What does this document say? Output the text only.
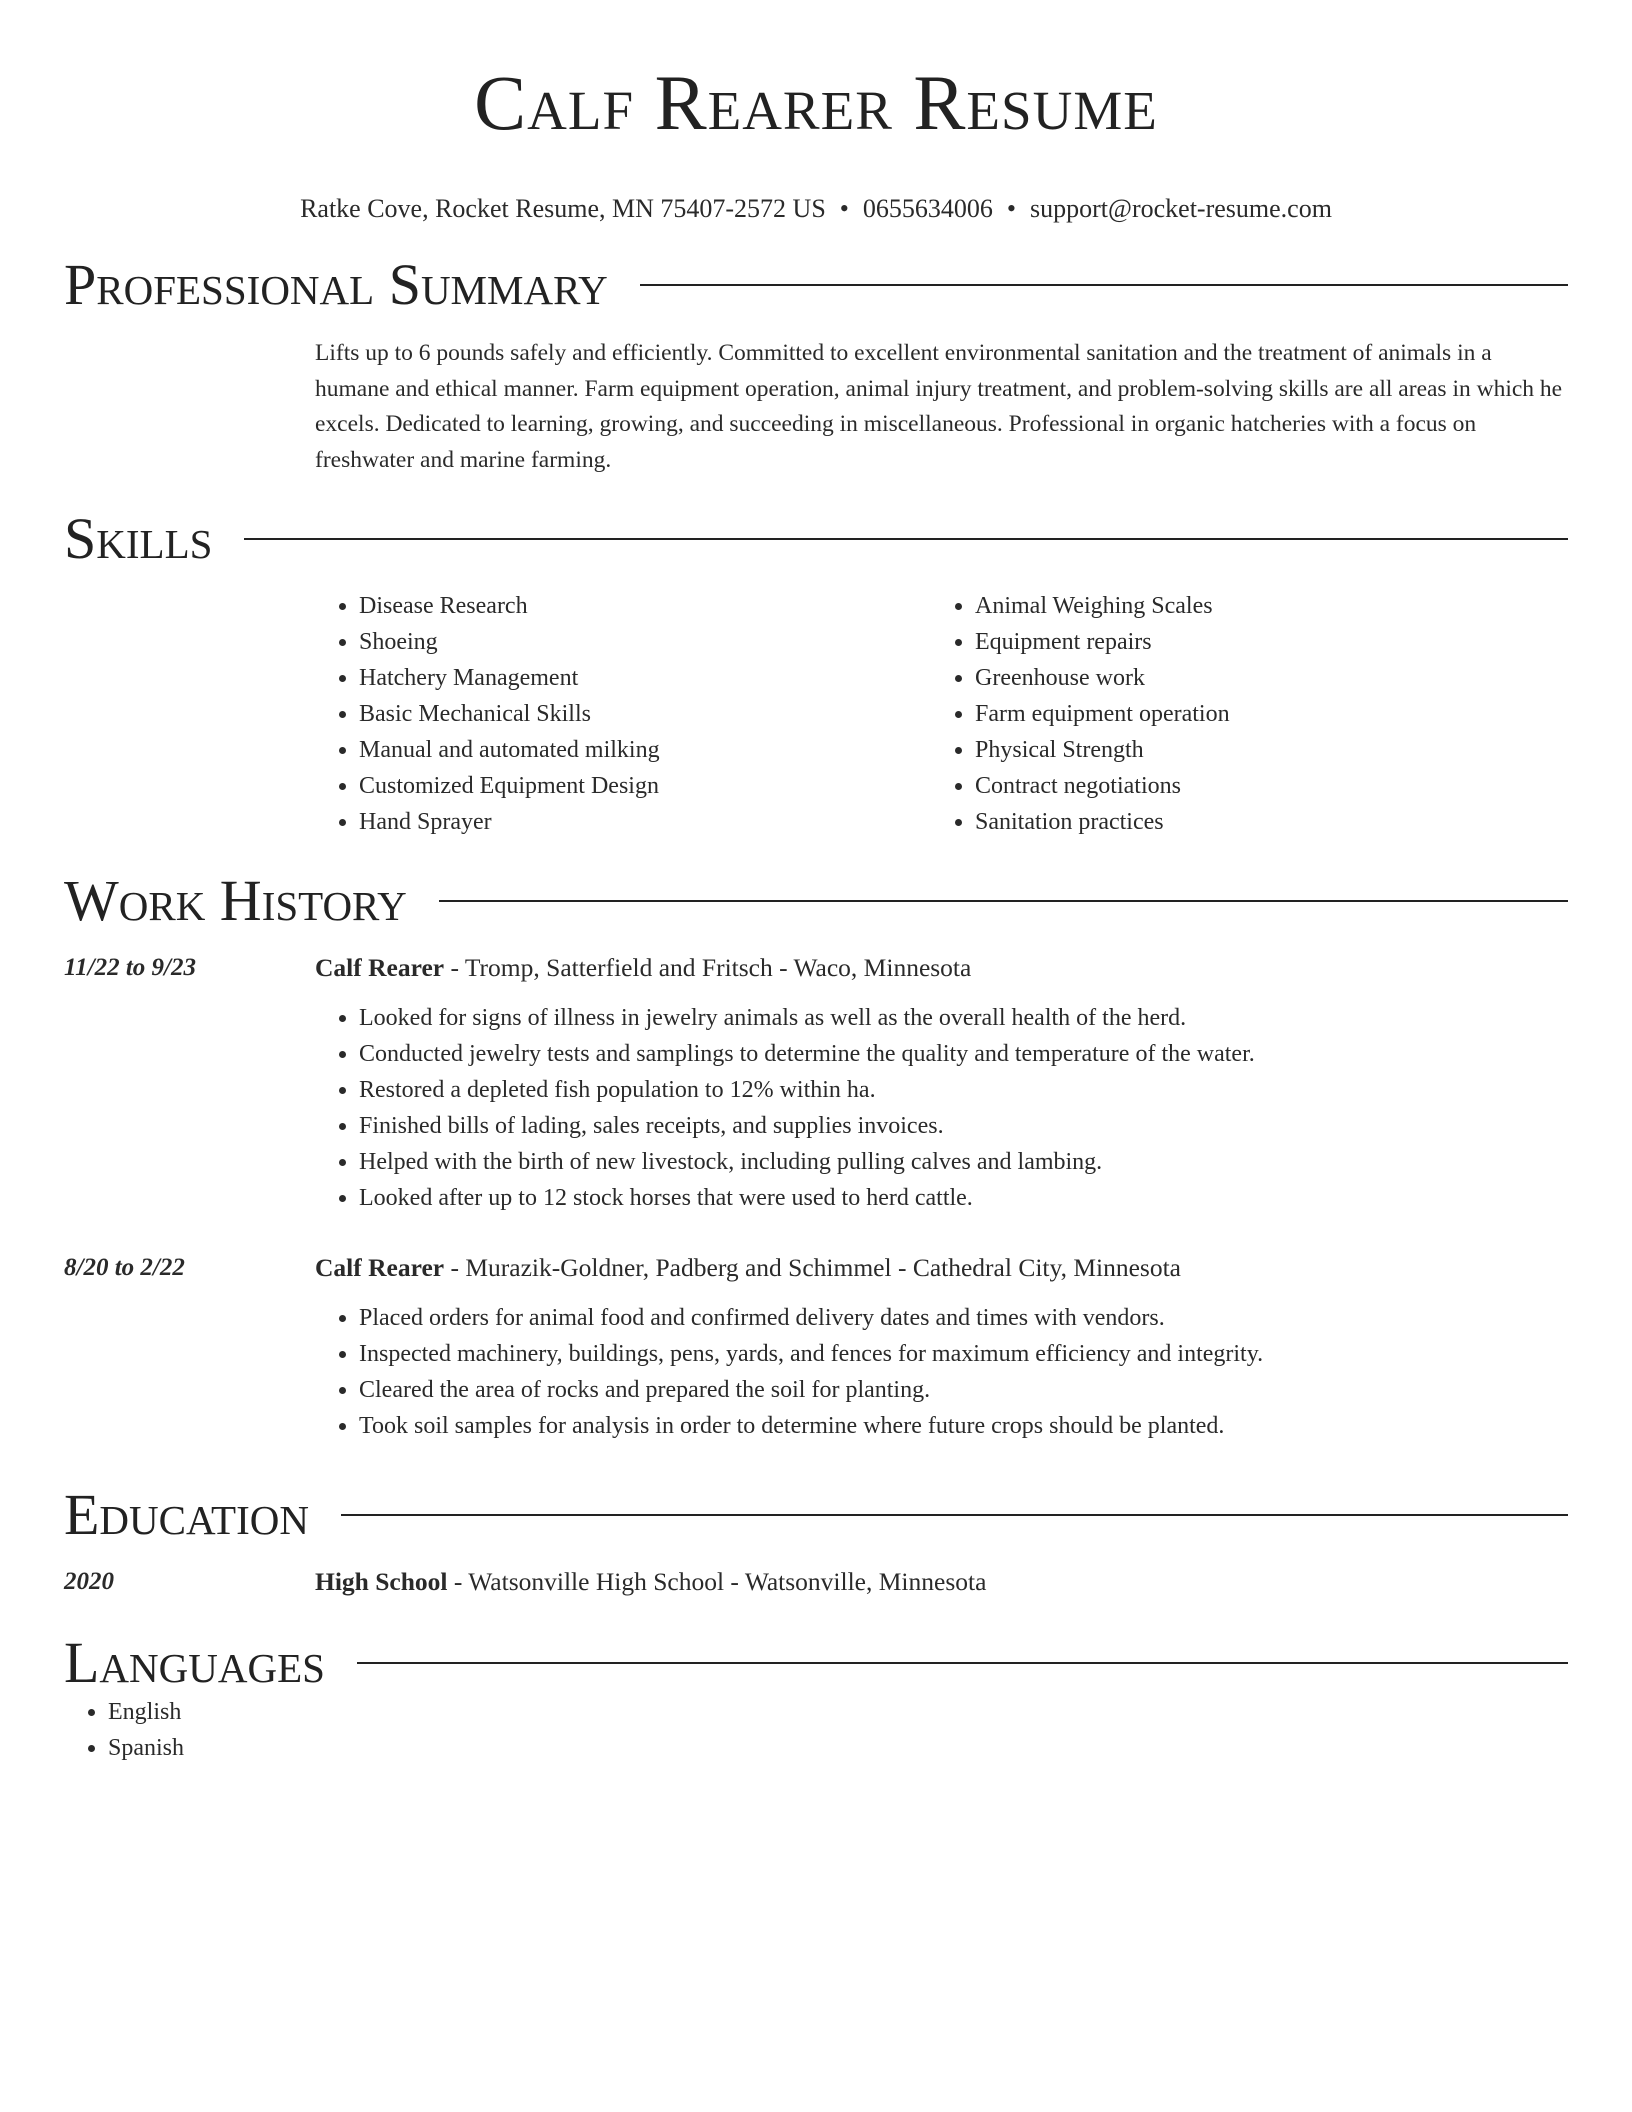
Calf Rearer Resume
Ratke Cove, Rocket Resume, MN 75407-2572 US • 0655634006 • support@rocket-resume.com
Professional Summary

Lifts up to 6 pounds safely and efficiently. Committed to excellent environmental sanitation and the treatment of animals in a humane and ethical manner. Farm equipment operation, animal injury treatment, and problem-solving skills are all areas in which he excels. Dedicated to learning, growing, and succeeding in miscellaneous. Professional in organic hatcheries with a focus on freshwater and marine farming.

Skills
• Disease Research
• Shoeing
• Hatchery Management
• Basic Mechanical Skills
• Manual and automated milking
• Customized Equipment Design
• Hand Sprayer
• Animal Weighing Scales
• Equipment repairs
• Greenhouse work
• Farm equipment operation
• Physical Strength
• Contract negotiations
• Sanitation practices
Work History
11/22 to 9/23	Calf Rearer - Tromp, Satterfield and Fritsch - Waco, Minnesota
• Looked for signs of illness in jewelry animals as well as the overall health of the herd.
• Conducted jewelry tests and samplings to determine the quality and temperature of the water.
• Restored a depleted fish population to 12% within ha.
• Finished bills of lading, sales receipts, and supplies invoices.
• Helped with the birth of new livestock, including pulling calves and lambing.
• Looked after up to 12 stock horses that were used to herd cattle.
8/20 to 2/22	Calf Rearer - Murazik-Goldner, Padberg and Schimmel - Cathedral City, Minnesota
• Placed orders for animal food and confirmed delivery dates and times with vendors.
• Inspected machinery, buildings, pens, yards, and fences for maximum efficiency and integrity.
• Cleared the area of rocks and prepared the soil for planting.
• Took soil samples for analysis in order to determine where future crops should be planted.
Education
2020	High School - Watsonville High School - Watsonville, Minnesota
Languages
• English
• Spanish
